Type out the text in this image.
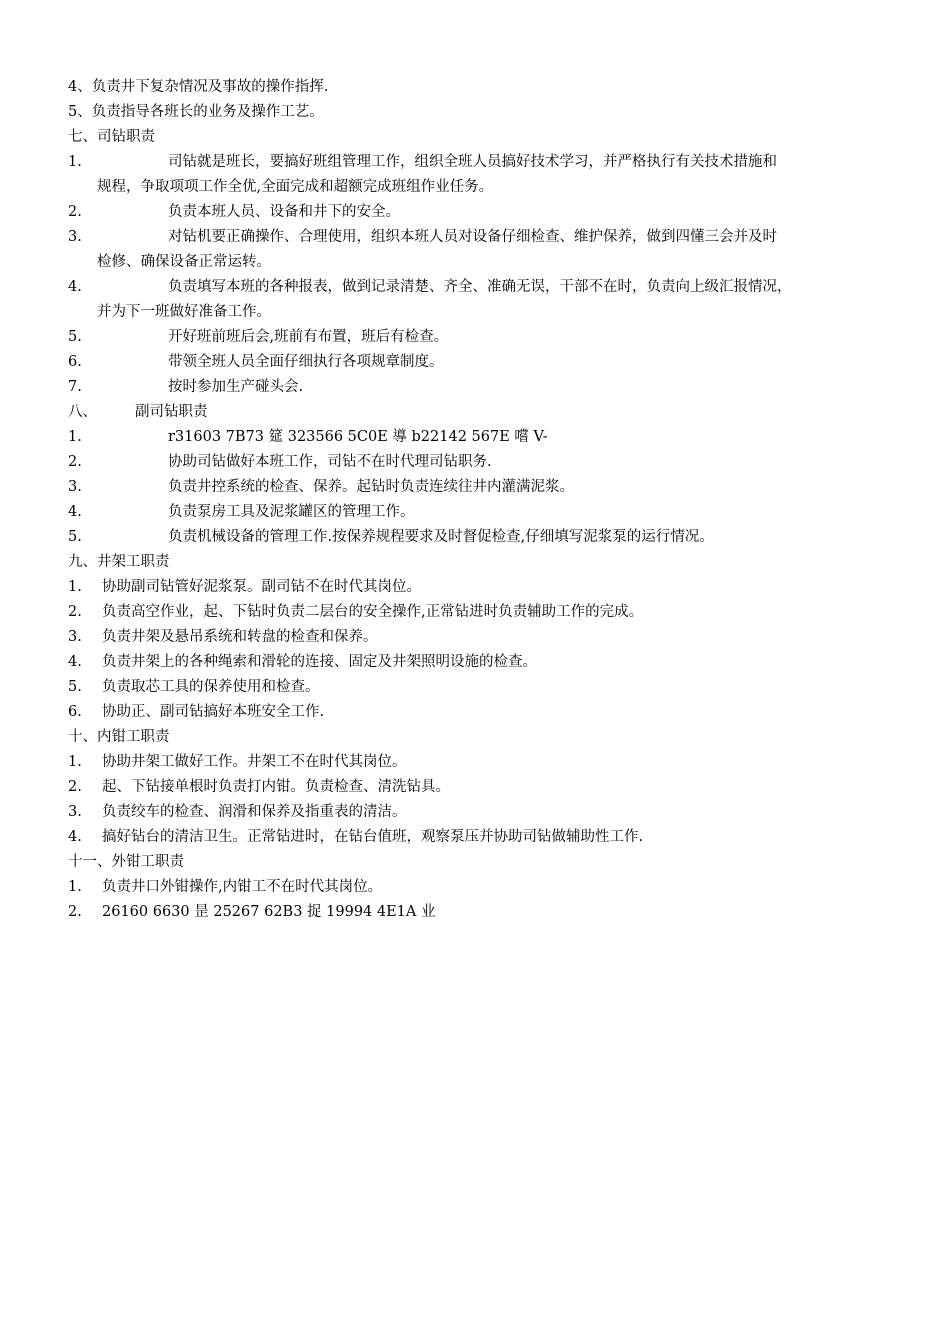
4、负责井下复杂情况及事故的操作指挥.
5、负责指导各班长的业务及操作工艺。
七、司钻职责
1.	司钻就是班长，要搞好班组管理工作，组织全班人员搞好技术学习，并严格执行有关技术措施和
规程，争取项项工作全优,全面完成和超额完成班组作业任务。
2.	负责本班人员、设备和井下的安全。
3.	对钻机要正确操作、合理使用，组织本班人员对设备仔细检查、维护保养，做到四懂三会并及时
检修、确保设备正常运转。
4.	负责填写本班的各种报表，做到记录清楚、齐全、准确无误，干部不在时，负责向上级汇报情况，
并为下一班做好准备工作。
5.	开好班前班后会,班前有布置，班后有检查。
6.	带领全班人员全面仔细执行各项规章制度。
7.	按时参加生产碰头会.
八、	副司钻职责
1.	r31603 7B73 筵 323566 5C0E 導 b22142 567E 嚐 V-
2.	协助司钻做好本班工作，司钻不在时代理司钻职务.
3.	负责井控系统的检查、保养。起钻时负责连续往井内灌满泥浆。
4.	负责泵房工具及泥浆罐区的管理工作。
5.	负责机械设备的管理工作.按保养规程要求及时督促检查,仔细填写泥浆泵的运行情况。
九、井架工职责
1.	协助副司钻管好泥浆泵。副司钻不在时代其岗位。
2.	负责高空作业，起、下钻时负责二层台的安全操作,正常钻进时负责辅助工作的完成。
3.	负责井架及悬吊系统和转盘的检查和保养。
4.	负责井架上的各种绳索和滑轮的连接、固定及井架照明设施的检查。
5.	负责取芯工具的保养使用和检查。
6.	协助正、副司钻搞好本班安全工作.
十、内钳工职责
1.	协助井架工做好工作。井架工不在时代其岗位。
2.	起、下钻接单根时负责打内钳。负责检查、清洗钻具。
3.	负责绞车的检查、润滑和保养及指重表的清洁。
4.	搞好钻台的清洁卫生。正常钻进时，在钻台值班，观察泵压并协助司钻做辅助性工作.
十一、外钳工职责
1.	负责井口外钳操作,内钳工不在时代其岗位。
2.	26160 6630 昰 25267 62B3 捉 19994 4E1A 业
